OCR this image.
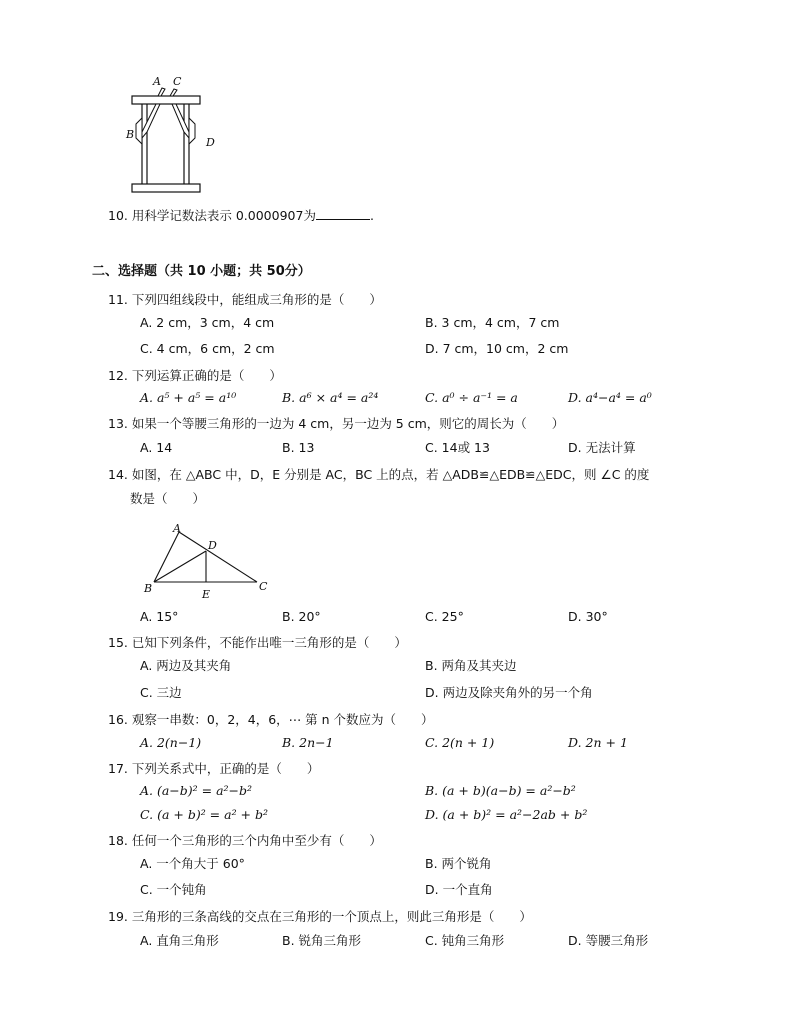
A C
B
D
10. 用科学记数法表示 0.0000907为	.
二、选择题（共 10 小题；共 50分）
11. 下列四组线段中，能组成三角形的是（　　）
A. 2 cm，3 cm，4 cm	B. 3 cm，4 cm，7 cm
C. 4 cm，6 cm，2 cm	D. 7 cm，10 cm，2 cm
12. 下列运算正确的是（　　）
A. a⁵ + a⁵ = a¹⁰	B. a⁶ × a⁴ = a²⁴	C. a⁰ ÷ a⁻¹ = a	D. a⁴−a⁴ = a⁰
13. 如果一个等腰三角形的一边为 4 cm，另一边为 5 cm，则它的周长为（　　）
A. 14	B. 13	C. 14或 13	D. 无法计算
14. 如图，在 △ABC 中，D，E 分别是 AC，BC 上的点，若 △ADB≌△EDB≌△EDC，则 ∠C 的度
数是（　　）
A
D
B	E
C
A. 15°	B. 20°	C. 25°	D. 30°
15. 已知下列条件，不能作出唯一三角形的是（　　）
A. 两边及其夹角	B. 两角及其夹边
C. 三边	D. 两边及除夹角外的另一个角
16. 观察一串数：0，2，4，6，⋯ 第 n 个数应为（　　）
A. 2(n−1)	B. 2n−1	C. 2(n + 1)	D. 2n + 1
17. 下列关系式中，正确的是（　　）
A. (a−b)² = a²−b²	B. (a + b)(a−b) = a²−b²
C. (a + b)² = a² + b²	D. (a + b)² = a²−2ab + b²
18. 任何一个三角形的三个内角中至少有（　　）
A. 一个角大于 60°	B. 两个锐角
C. 一个钝角	D. 一个直角
19. 三角形的三条高线的交点在三角形的一个顶点上，则此三角形是（　　）
A. 直角三角形	B. 锐角三角形	C. 钝角三角形	D. 等腰三角形
